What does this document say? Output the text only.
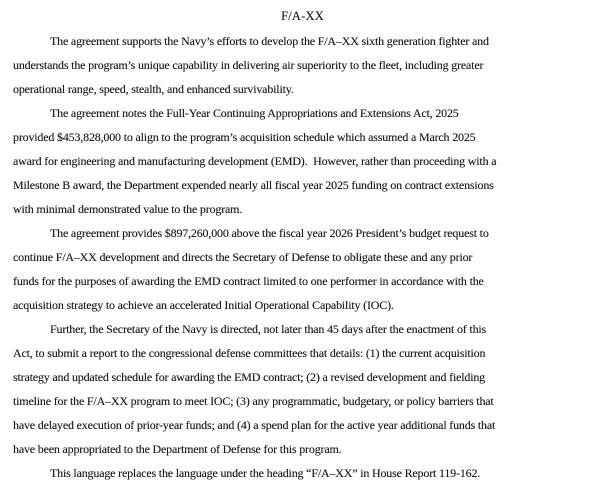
F/A-XX
The agreement supports the Navy’s efforts to develop the F/A–XX sixth generation fighter and
understands the program’s unique capability in delivering air superiority to the fleet, including greater
operational range, speed, stealth, and enhanced survivability.
The agreement notes the Full-Year Continuing Appropriations and Extensions Act, 2025
provided $453,828,000 to align to the program’s acquisition schedule which assumed a March 2025
award for engineering and manufacturing development (EMD).  However, rather than proceeding with a
Milestone B award, the Department expended nearly all fiscal year 2025 funding on contract extensions
with minimal demonstrated value to the program.
The agreement provides $897,260,000 above the fiscal year 2026 President’s budget request to
continue F/A–XX development and directs the Secretary of Defense to obligate these and any prior
funds for the purposes of awarding the EMD contract limited to one performer in accordance with the
acquisition strategy to achieve an accelerated Initial Operational Capability (IOC).
Further, the Secretary of the Navy is directed, not later than 45 days after the enactment of this
Act, to submit a report to the congressional defense committees that details: (1) the current acquisition
strategy and updated schedule for awarding the EMD contract; (2) a revised development and fielding
timeline for the F/A–XX program to meet IOC; (3) any programmatic, budgetary, or policy barriers that
have delayed execution of prior-year funds; and (4) a spend plan for the active year additional funds that
have been appropriated to the Department of Defense for this program.
This language replaces the language under the heading “F/A–XX” in House Report 119-162.
